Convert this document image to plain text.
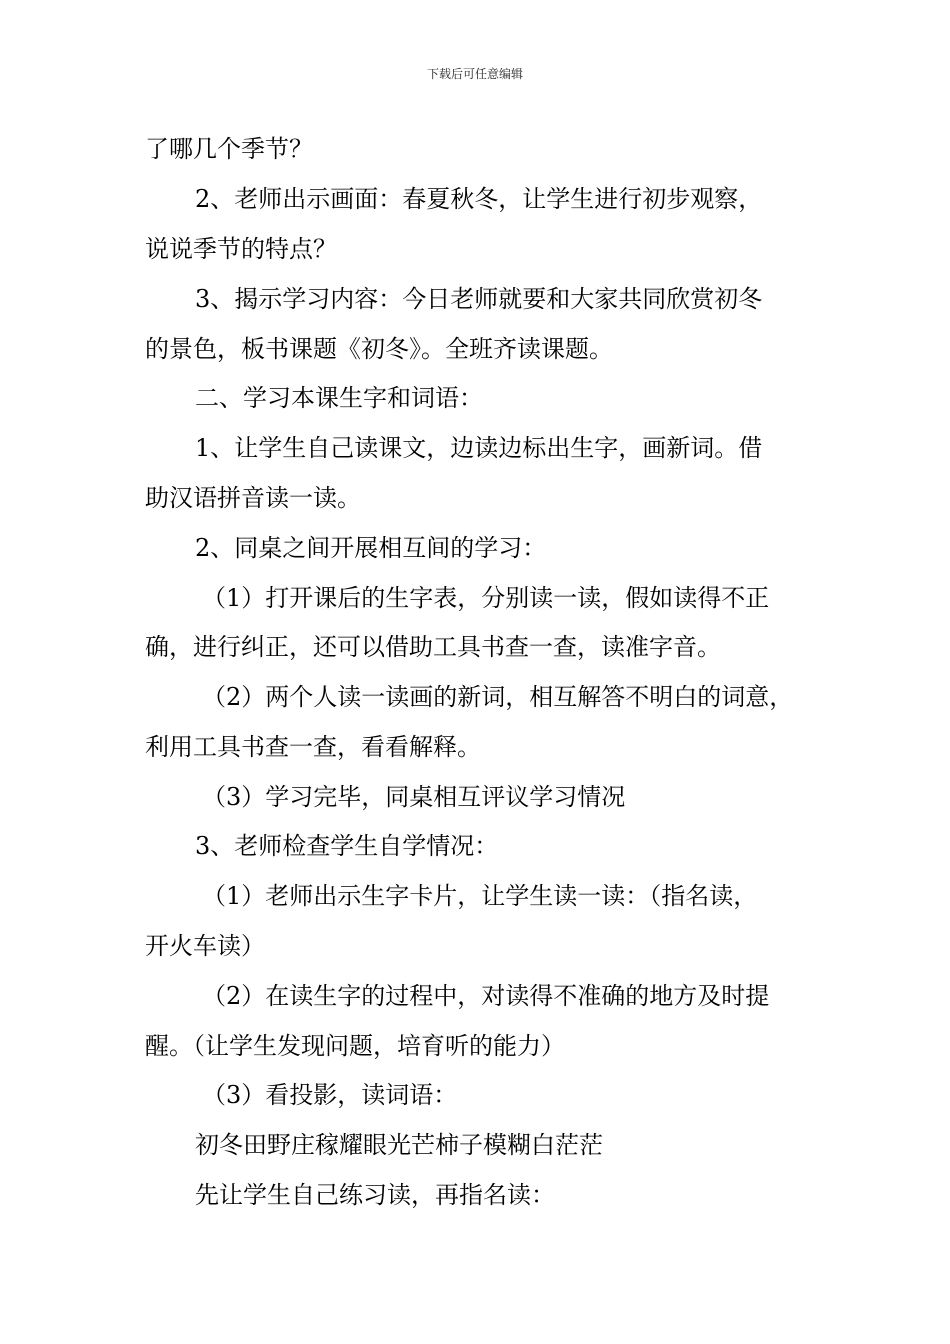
下载后可任意编辑
了哪几个季节？
2、老师出示画面：春夏秋冬，让学生进行初步观察，
说说季节的特点？
3、揭示学习内容：今日老师就要和大家共同欣赏初冬
的景色，板书课题《初冬》。全班齐读课题。
二、学习本课生字和词语：
1、让学生自己读课文，边读边标出生字，画新词。借
助汉语拼音读一读。
2、同桌之间开展相互间的学习：
（1）打开课后的生字表，分别读一读，假如读得不正
确，进行纠正，还可以借助工具书查一查，读准字音。
（2）两个人读一读画的新词，相互解答不明白的词意，
利用工具书查一查，看看解释。
（3）学习完毕，同桌相互评议学习情况
3、老师检查学生自学情况：
（1）老师出示生字卡片，让学生读一读：（指名读，
开火车读）
（2）在读生字的过程中，对读得不准确的地方及时提
醒。（让学生发现问题，培育听的能力）
（3）看投影，读词语：
初冬田野庄稼耀眼光芒柿子模糊白茫茫
先让学生自己练习读，再指名读：
